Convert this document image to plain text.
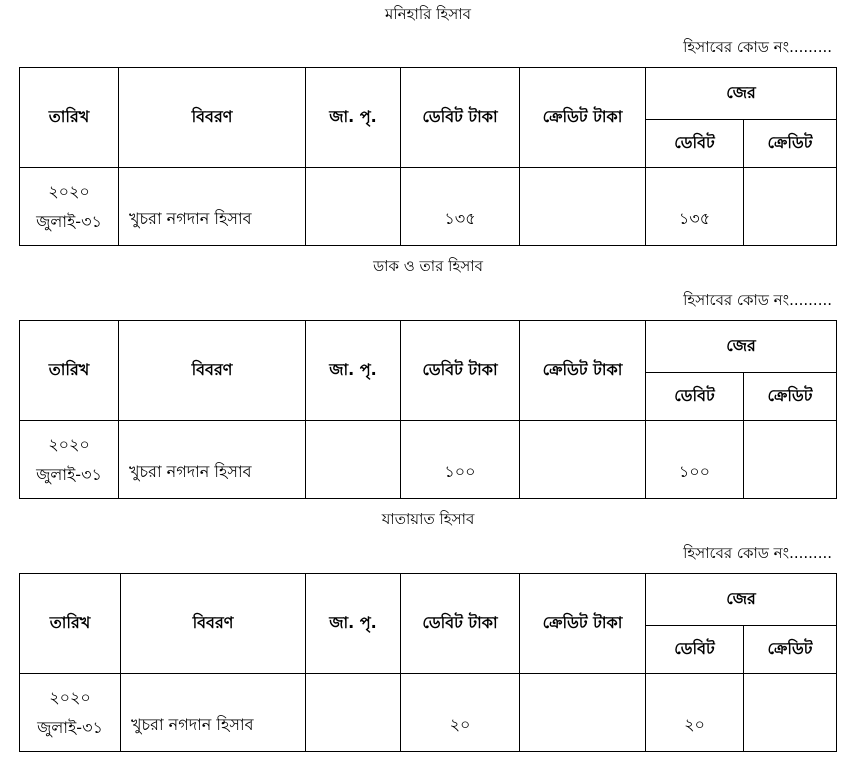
মনিহারি হিসাব
হিসাবের কোড নং.........
তারিখ	বিবরণ	জা. পৃ.	ডেবিট টাকা	ক্রেডিট টাকা	জের	
					ডেবিট	ক্রেডিট

২০২০
জুলাই-৩১	খুচরা নগদান হিসাব		১৩৫		১৩৫	
ডাক ও তার হিসাব
হিসাবের কোড নং.........
তারিখ	বিবরণ	জা. পৃ.	ডেবিট টাকা	ক্রেডিট টাকা	জের	
					ডেবিট	ক্রেডিট

২০২০
জুলাই-৩১	খুচরা নগদান হিসাব		১০০		১০০	
যাতায়াত হিসাব
হিসাবের কোড নং.........
তারিখ	বিবরণ	জা. পৃ.	ডেবিট টাকা	ক্রেডিট টাকা	জের	
					ডেবিট	ক্রেডিট

২০২০
জুলাই-৩১	খুচরা নগদান হিসাব		২০		২০	
